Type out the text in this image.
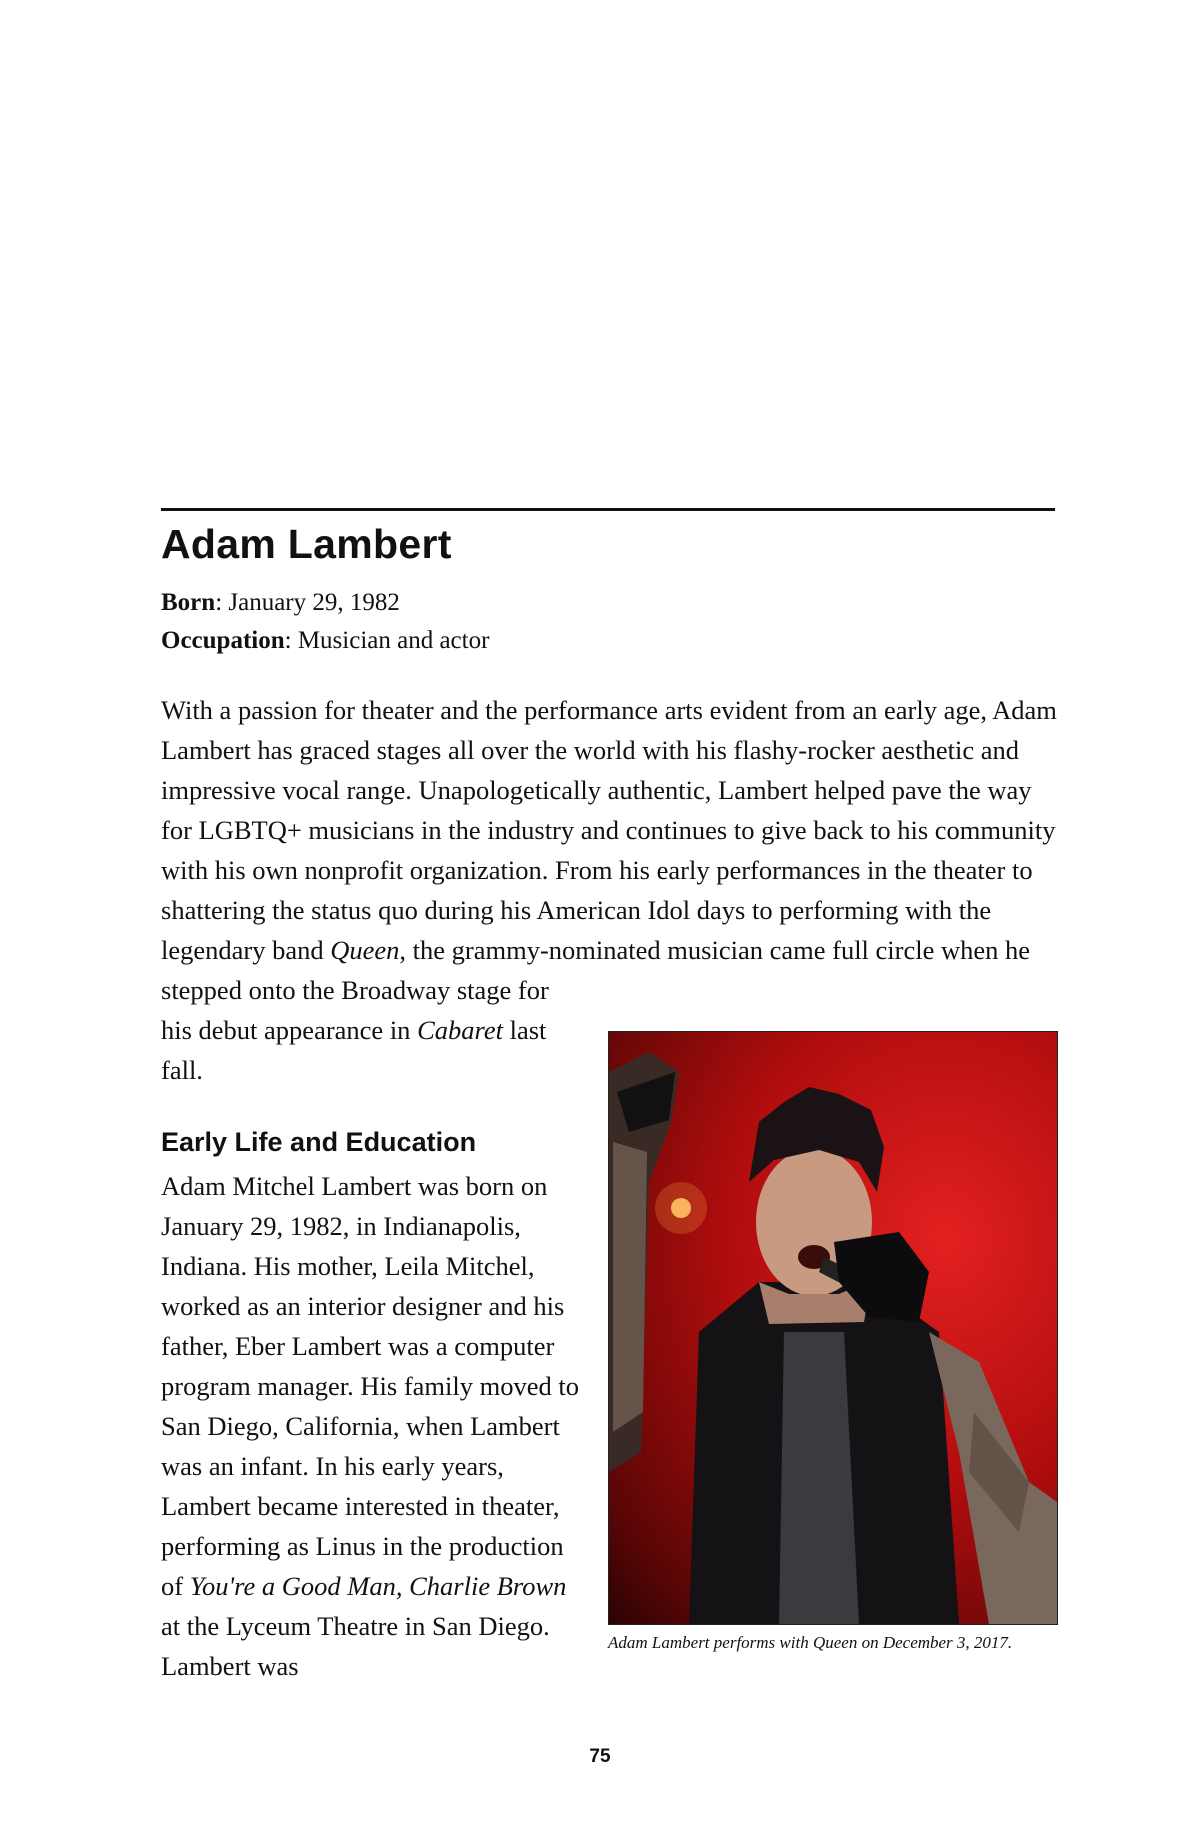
Adam Lambert
Born: January 29, 1982
Occupation: Musician and actor

With a passion for theater and the performance arts evident from an early age, Adam Lambert has graced stages all over the world with his flashy-rocker aesthetic and impressive vocal range. Unapologetically authentic, Lambert helped pave the way for LGBTQ+ musicians in the industry and continues to give back to his community with his own nonprofit organization. From his early performances in the theater to shattering the status quo during his American Idol days to performing with the legendary band Queen, the grammy-nominated musician came full circle when he stepped onto the Broadway stage for
his debut appearance in Cabaret last fall.

Early Life and Education

Adam Mitchel Lambert was born on January 29, 1982, in Indianapolis, Indiana. His mother, Leila Mitchel, worked as an interior designer and his father, Eber Lambert was a computer program manager. His family moved to San Diego, California, when Lambert was an infant. In his early years, Lambert became interested in theater, performing as Linus in the production of You're a Good Man, Charlie Brown at the Lyceum Theatre in San Diego. Lambert was

Adam Lambert performs with Queen on December 3, 2017.
75
